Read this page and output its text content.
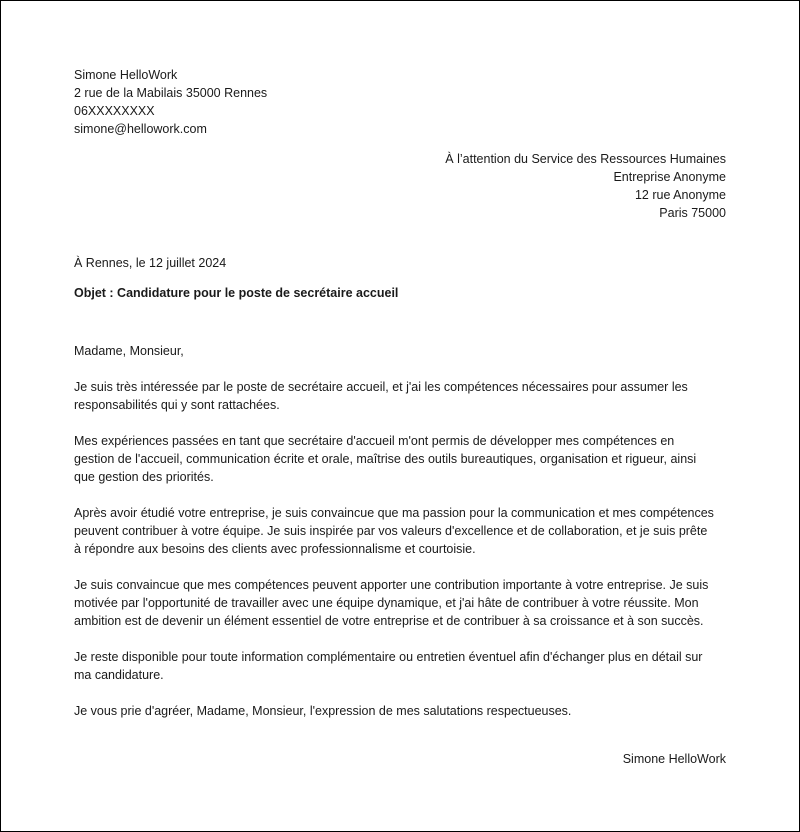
Simone HelloWork
2 rue de la Mabilais 35000 Rennes
06XXXXXXXX
simone@hellowork.com
À l’attention du Service des Ressources Humaines
Entreprise Anonyme
12 rue Anonyme
Paris 75000
À Rennes, le 12 juillet 2024
Objet : Candidature pour le poste de secrétaire accueil

Madame, Monsieur,

Je suis très intéressée par le poste de secrétaire accueil, et j'ai les compétences nécessaires pour assumer les
responsabilités qui y sont rattachées.

Mes expériences passées en tant que secrétaire d'accueil m'ont permis de développer mes compétences en
gestion de l'accueil, communication écrite et orale, maîtrise des outils bureautiques, organisation et rigueur, ainsi
que gestion des priorités.

Après avoir étudié votre entreprise, je suis convaincue que ma passion pour la communication et mes compétences
peuvent contribuer à votre équipe. Je suis inspirée par vos valeurs d'excellence et de collaboration, et je suis prête
à répondre aux besoins des clients avec professionnalisme et courtoisie.

Je suis convaincue que mes compétences peuvent apporter une contribution importante à votre entreprise. Je suis
motivée par l'opportunité de travailler avec une équipe dynamique, et j'ai hâte de contribuer à votre réussite. Mon
ambition est de devenir un élément essentiel de votre entreprise et de contribuer à sa croissance et à son succès.

Je reste disponible pour toute information complémentaire ou entretien éventuel afin d'échanger plus en détail sur
ma candidature.

Je vous prie d'agréer, Madame, Monsieur, l'expression de mes salutations respectueuses.

Simone HelloWork
